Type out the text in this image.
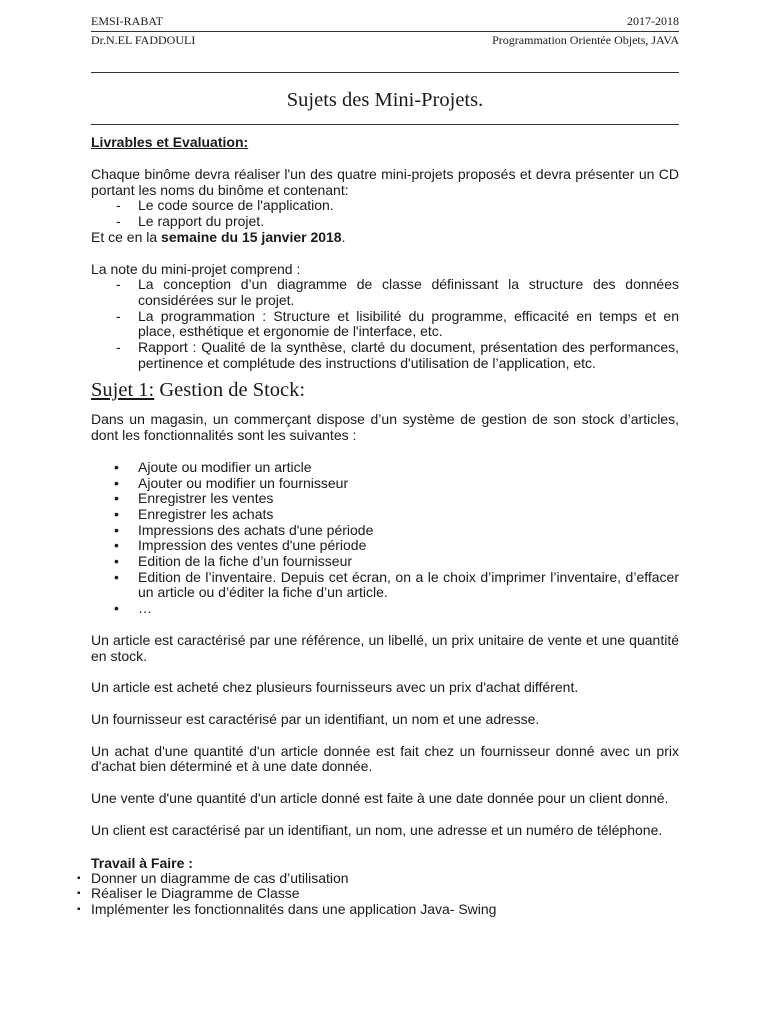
EMSI-RABAT	2017-2018
Dr.N.EL FADDOULI	Programmation Orientée Objets, JAVA
Sujets des Mini-Projets.
Livrables et Evaluation:

Chaque binôme devra réaliser l'un des quatre mini-projets proposés et devra présenter un CD portant les noms du binôme et contenant:

- Le code source de l'application.
- Le rapport du projet.

Et ce en la semaine du 15 janvier 2018.

La note du mini-projet comprend :

- La conception d’un diagramme de classe définissant la structure des données considérées sur le projet.
- La programmation : Structure et lisibilité du programme, efficacité en temps et en place, esthétique et ergonomie de l'interface, etc.
- Rapport : Qualité de la synthèse, clarté du document, présentation des performances, pertinence et complétude des instructions d'utilisation de l’application, etc.
Sujet 1: Gestion de Stock:

Dans un magasin, un commerçant dispose d’un système de gestion de son stock d’articles, dont les fonctionnalités sont les suivantes :

• Ajoute ou modifier un article
• Ajouter ou modifier un fournisseur
• Enregistrer les ventes
• Enregistrer les achats
• Impressions des achats d'une période
• Impression des ventes d'une période
• Edition de la fiche d’un fournisseur
• Edition de l’inventaire. Depuis cet écran, on a le choix d’imprimer l’inventaire, d’effacer un article ou d’éditer la fiche d’un article.
• …

Un article est caractérisé par une référence, un libellé, un prix unitaire de vente et une quantité en stock.

Un article est acheté chez plusieurs fournisseurs avec un prix d'achat différent.

Un fournisseur est caractérisé par un identifiant, un nom et une adresse.

Un achat d'une quantité d'un article donnée est fait chez un fournisseur donné avec un prix d'achat bien déterminé et à une date donnée.

Une vente d'une quantité d'un article donné est faite à une date donnée pour un client donné.

Un client est caractérisé par un identifiant, un nom, une adresse et un numéro de téléphone.

Travail à Faire :
▪ Donner un diagramme de cas d’utilisation
▪ Réaliser le Diagramme de Classe
▪ Implémenter les fonctionnalités dans une application Java- Swing
